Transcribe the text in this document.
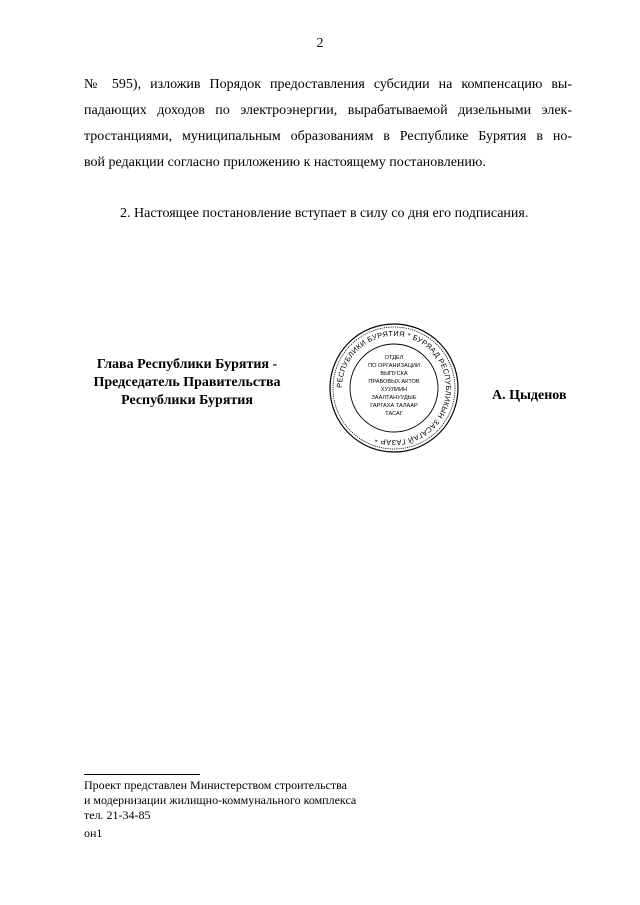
2
№ 595), изложив Порядок предоставления субсидии на компенсацию вы-
падающих доходов по электроэнергии, вырабатываемой дизельными элек-
тростанциями, муниципальным образованиям в Республике Бурятия в но-
вой редакции согласно приложению к настоящему постановлению.
2. Настоящее постановление вступает в силу со дня его подписания.
Глава Республики Бурятия -
Председатель Правительства
Республики Бурятия
РЕСПУБЛИКИ БУРЯТИЯ * БУРЯАД РЕСПУБЛИКЫН ЗАСАГАЙ ГАЗАР *
ОТДЕЛ
ПО ОРГАНИЗАЦИИ
ВЫПУСКА
ПРАВОВЫХ АКТОВ
ХУУЛИИН
ЗААЛТАНУУДЫЕ
ГАРГАХА ТАЛААР
ТАСАГ
А. Цыденов
Проект представлен Министерством строительства
и модернизации жилищно-коммунального комплекса
тел. 21-34-85
он1
